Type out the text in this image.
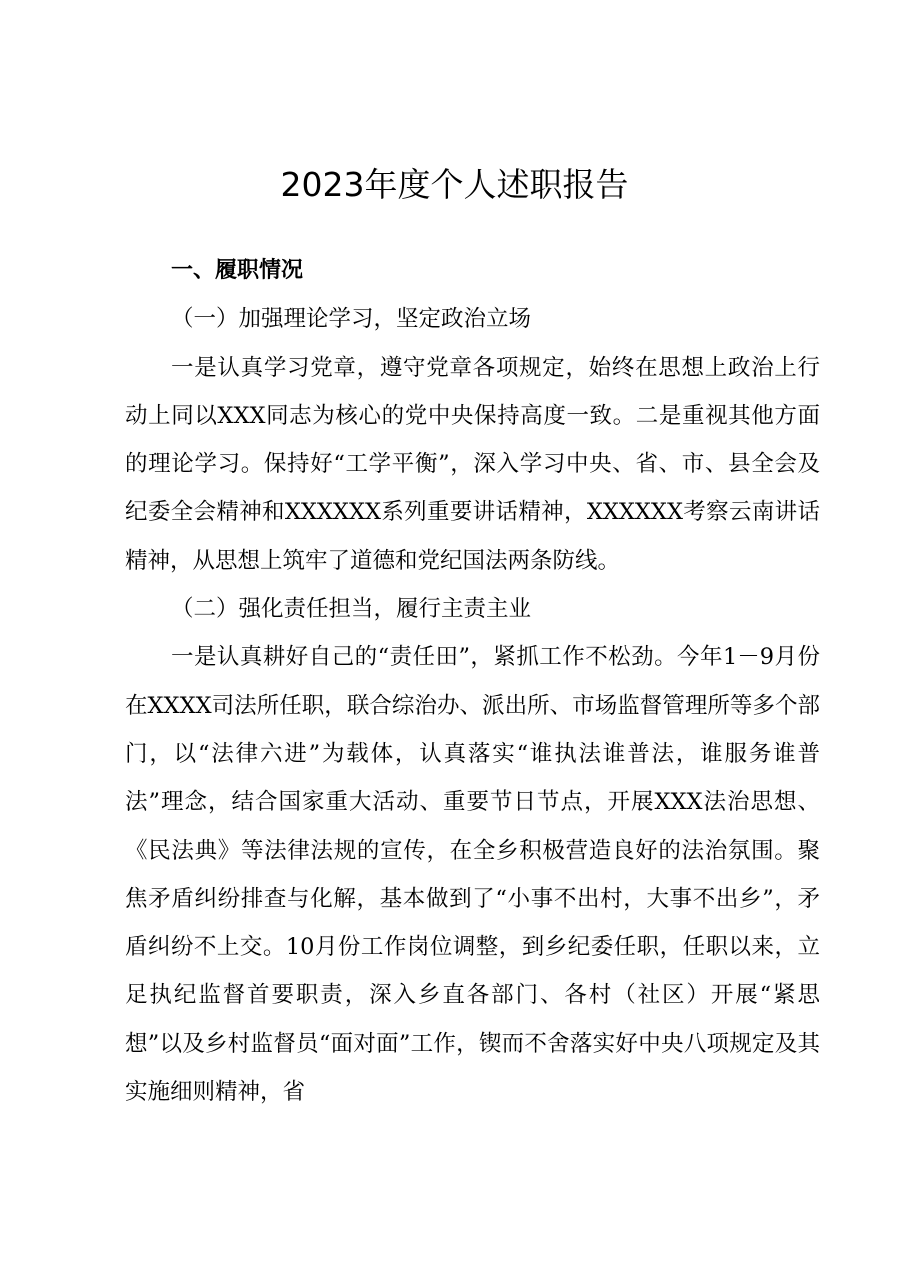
2023年度个人述职报告

一、履职情况

（一）加强理论学习，坚定政治立场

一是认真学习党章，遵守党章各项规定，始终在思想上政治上行动上同以XXX同志为核心的党中央保持高度一致。二是重视其他方面的理论学习。保持好“工学平衡”，深入学习中央、省、市、县全会及纪委全会精神和XXXXXX系列重要讲话精神，XXXXXX考察云南讲话精神，从思想上筑牢了道德和党纪国法两条防线。

（二）强化责任担当，履行主责主业

一是认真耕好自己的“责任田”，紧抓工作不松劲。今年1－9月份在XXXX司法所任职，联合综治办、派出所、市场监督管理所等多个部门，以“法律六进”为载体，认真落实“谁执法谁普法，谁服务谁普法”理念，结合国家重大活动、重要节日节点，开展XXX法治思想、《民法典》等法律法规的宣传，在全乡积极营造良好的法治氛围。聚焦矛盾纠纷排查与化解，基本做到了“小事不出村，大事不出乡”，矛盾纠纷不上交。10月份工作岗位调整，到乡纪委任职，任职以来，立足执纪监督首要职责，深入乡直各部门、各村（社区）开展“紧思想”以及乡村监督员“面对面”工作，锲而不舍落实好中央八项规定及其实施细则精神，省
